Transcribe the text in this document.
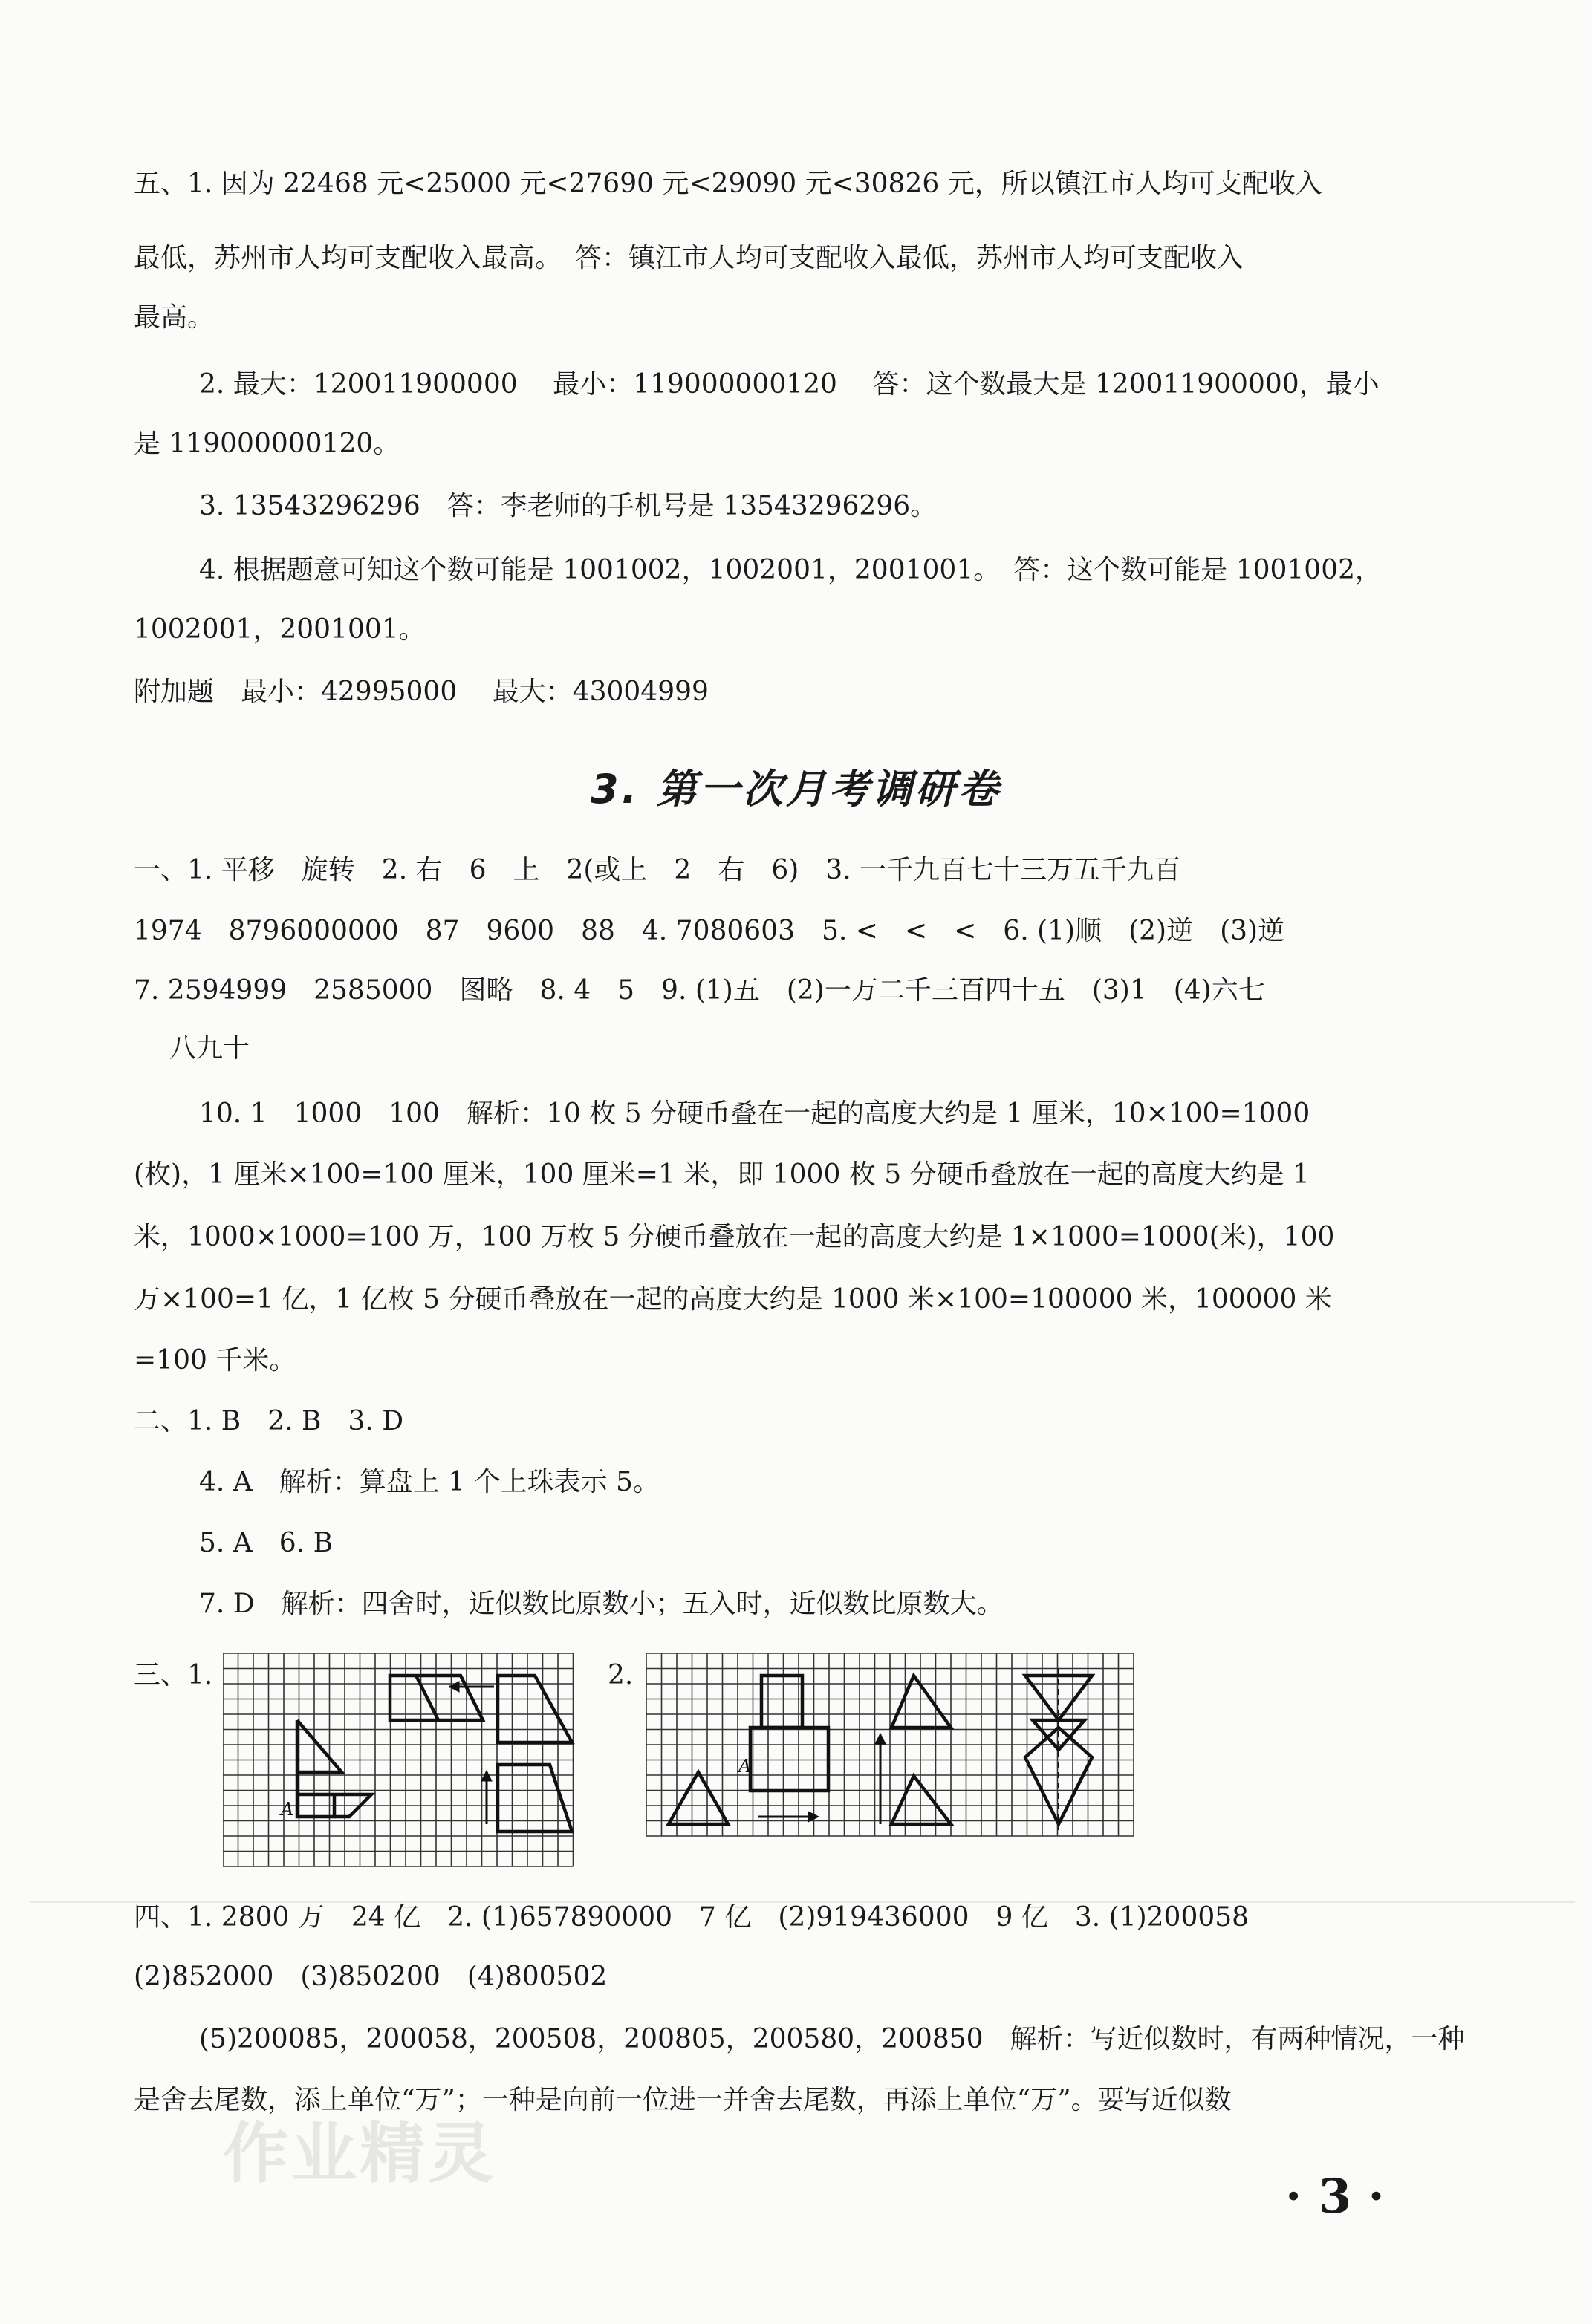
五、1. 因为 22468 元<25000 元<27690 元<29090 元<30826 元，所以镇江市人均可支配收入
最低，苏州市人均可支配收入最高。　答：镇江市人均可支配收入最低，苏州市人均可支配收入
最高。
2. 最大：120011900000　 最小：119000000120　 答：这个数最大是 120011900000，最小
是 119000000120。
3. 13543296296　答：李老师的手机号是 13543296296。
4. 根据题意可知这个数可能是 1001002，1002001，2001001。　答：这个数可能是 1001002，
1002001，2001001。
附加题　最小：42995000　 最大：43004999
3. 第一次月考调研卷
一、1. 平移　旋转　2. 右　6　上　2(或上　2　右　6)　3. 一千九百七十三万五千九百
1974　8796000000　87　9600　88　4. 7080603　5. <　<　<　6. (1)顺　(2)逆　(3)逆
7. 2594999　2585000　图略　8. 4　5　9. (1)五　(2)一万二千三百四十五　(3)1　(4)六七
八九十
10. 1　1000　100　解析：10 枚 5 分硬币叠在一起的高度大约是 1 厘米，10×100=1000
(枚)，1 厘米×100=100 厘米，100 厘米=1 米，即 1000 枚 5 分硬币叠放在一起的高度大约是 1
米，1000×1000=100 万，100 万枚 5 分硬币叠放在一起的高度大约是 1×1000=1000(米)，100
万×100=1 亿，1 亿枚 5 分硬币叠放在一起的高度大约是 1000 米×100=100000 米，100000 米
=100 千米。
二、1. B　2. B　3. D
4. A　解析：算盘上 1 个上珠表示 5。
5. A　6. B
7. D　解析：四舍时，近似数比原数小；五入时，近似数比原数大。
三、1.	2.
A
A
四、1. 2800 万　24 亿　2. (1)657890000　7 亿　(2)919436000　9 亿　3. (1)200058
(2)852000　(3)850200　(4)800502
(5)200085，200058，200508，200805，200580，200850　解析：写近似数时，有两种情况，一种
是舍去尾数，添上单位“万”；一种是向前一位进一并舍去尾数，再添上单位“万”。要写近似数
作业精灵
· 3 ·
